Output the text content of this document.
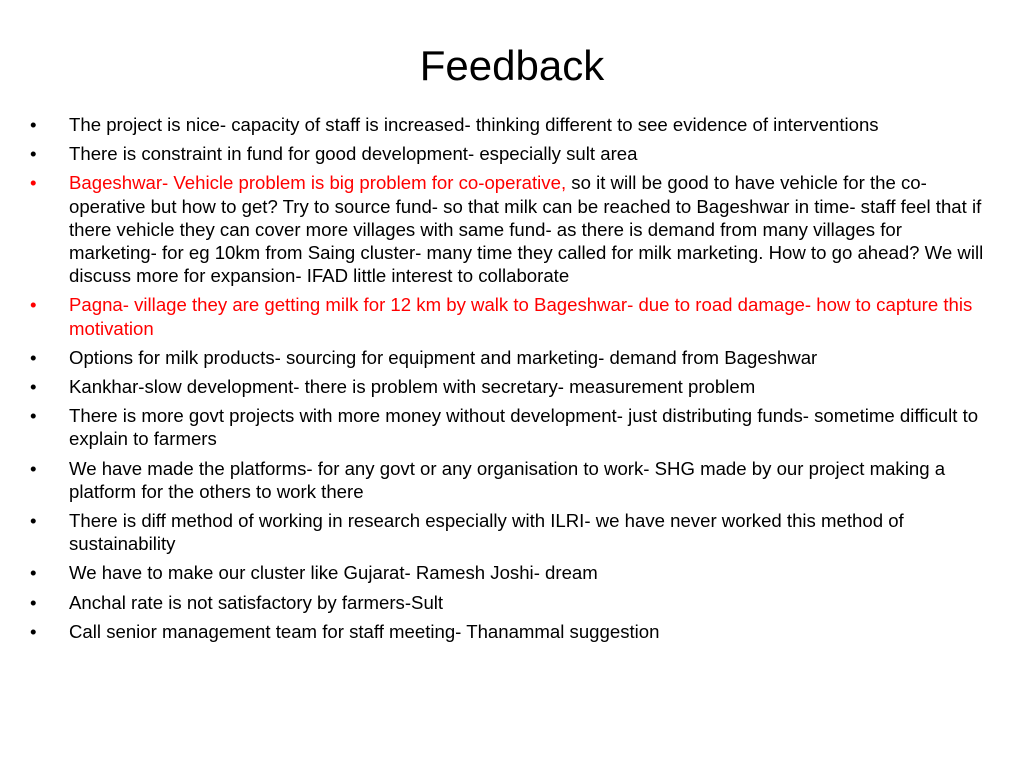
Feedback
•	The project is nice- capacity of staff is increased- thinking different to see evidence of interventions
•	There is constraint in fund for good development- especially sult area
•	Bageshwar- Vehicle problem is big problem for co-operative, so it will be good to have vehicle for the co-operative but how to get? Try to source fund- so that milk can be reached to Bageshwar in time- staff feel that if there vehicle they can cover more villages with same fund- as there is demand from many villages for marketing- for eg 10km from Saing cluster- many time they called for milk marketing. How to go ahead? We will discuss more for expansion- IFAD little interest to collaborate
•	Pagna- village they are getting milk for 12 km by walk to Bageshwar- due to road damage- how to capture this motivation
•	Options for milk products- sourcing for equipment and marketing- demand from Bageshwar
•	Kankhar-slow development- there is problem with secretary- measurement problem
•	There is more govt projects with more money without development- just distributing funds- sometime difficult to explain to farmers
•	We have made the platforms- for any govt or any organisation to work- SHG made by our project making a platform for the others to work there
•	There is diff method of working in research especially with ILRI- we have never worked this method of sustainability
•	We have to make our cluster like Gujarat- Ramesh Joshi- dream
•	Anchal rate is not satisfactory by farmers-Sult
•	Call senior management team for staff meeting- Thanammal suggestion
